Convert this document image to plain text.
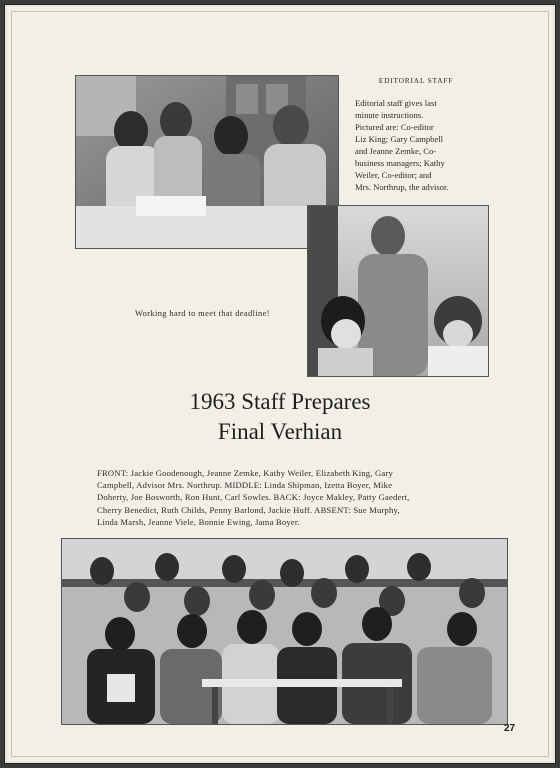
EDITORIAL STAFF

Editorial staff gives last
minute instructions.
Pictured are: Co-editor
Liz King; Gary Campbell
and Jeanne Zemke, Co-
business managers; Kathy
Weiler, Co-editor; and
Mrs. Northrup, the advisor.

Working hard to meet that deadline!
1963 Staff Prepares
Final Verhian

FRONT: Jackie Goodenough, Jeanne Zemke, Kathy Weiler, Elizabeth King, Gary
Campbell, Advisor Mrs. Northrup. MIDDLE: Linda Shipman, Izetta Boyer, Mike
Doherty, Joe Bosworth, Ron Hunt, Carl Sowles. BACK: Joyce Makley, Patty Gaedert,
Cherry Benedict, Ruth Childs, Penny Barlond, Jackie Huff. ABSENT: Sue Murphy,
Linda Marsh, Jeanne Viele, Bonnie Ewing, Jama Boyer.

27
